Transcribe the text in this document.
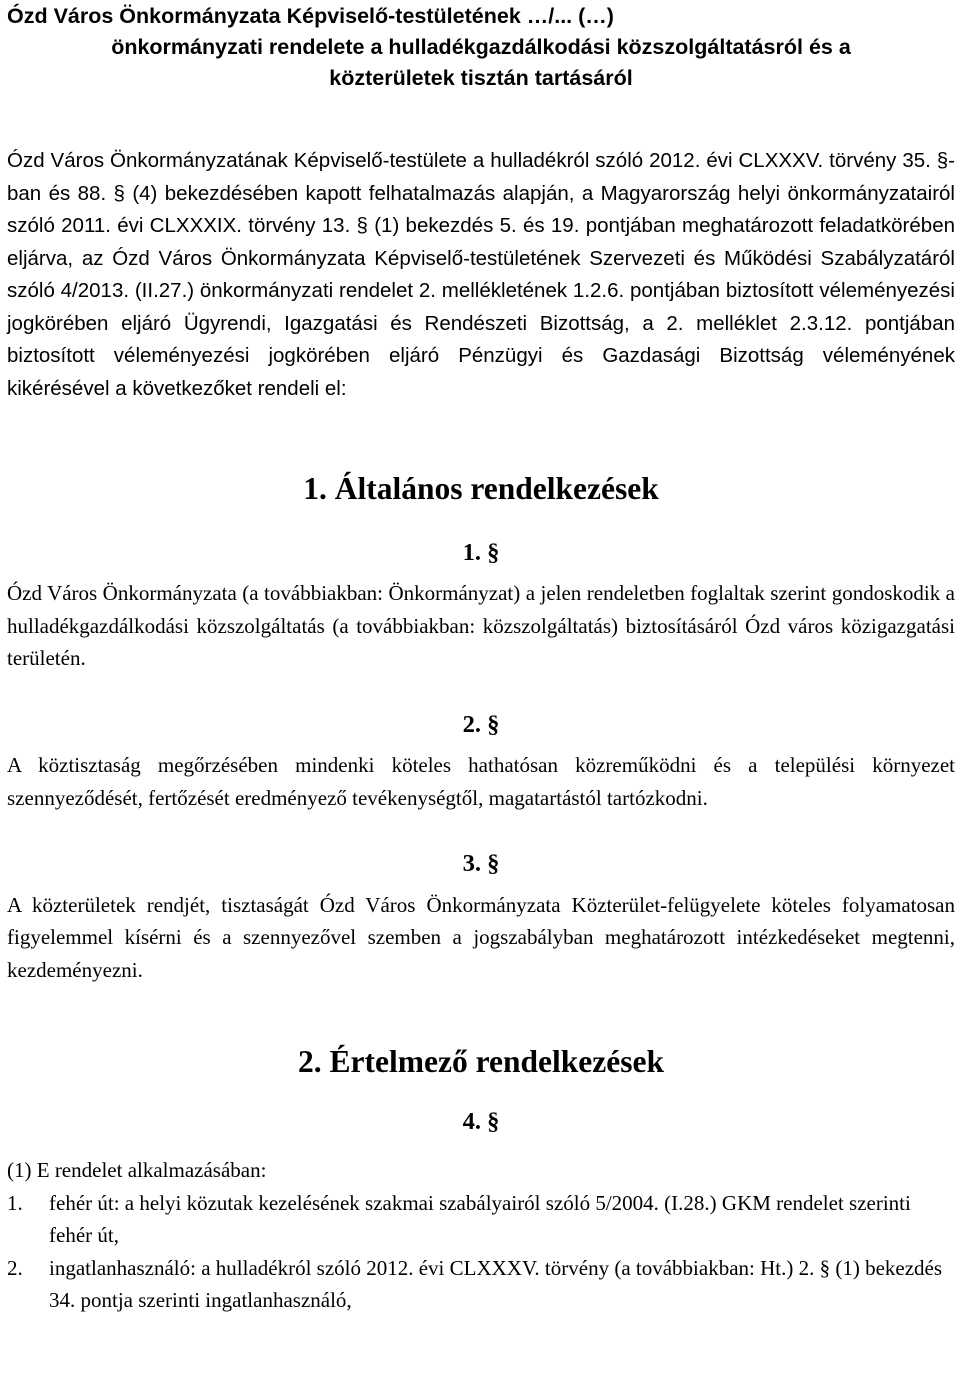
Ózd Város Önkormányzata Képviselő-testületének …/... (…)
önkormányzati rendelete a hulladékgazdálkodási közszolgáltatásról és a
közterületek tisztán tartásáról

Ózd Város Önkormányzatának Képviselő-testülete a hulladékról szóló 2012. évi CLXXXV. törvény 35. §-ban és 88. § (4) bekezdésében kapott felhatalmazás alapján, a Magyarország helyi önkormányzatairól szóló 2011. évi CLXXXIX. törvény 13. § (1) bekezdés 5. és 19. pontjában meghatározott feladatkörében eljárva, az Ózd Város Önkormányzata Képviselő-testületének Szervezeti és Működési Szabályzatáról szóló 4/2013. (II.27.) önkormányzati rendelet 2. mellékletének 1.2.6. pontjában biztosított véleményezési jogkörében eljáró Ügyrendi, Igazgatási és Rendészeti Bizottság, a 2. melléklet 2.3.12. pontjában biztosított véleményezési jogkörében eljáró Pénzügyi és Gazdasági Bizottság véleményének kikérésével a következőket rendeli el:

1. Általános rendelkezések
1. §

Ózd Város Önkormányzata (a továbbiakban: Önkormányzat) a jelen rendeletben foglaltak szerint gondoskodik a hulladékgazdálkodási közszolgáltatás (a továbbiakban: közszolgáltatás) biztosításáról Ózd város közigazgatási területén.

2. §

A köztisztaság megőrzésében mindenki köteles hathatósan közreműködni és a települési környezet szennyeződését, fertőzését eredményező tevékenységtől, magatartástól tartózkodni.

3. §

A közterületek rendjét, tisztaságát Ózd Város Önkormányzata Közterület-felügyelete köteles folyamatosan figyelemmel kísérni és a szennyezővel szemben a jogszabályban meghatározott intézkedéseket megtenni, kezdeményezni.

2. Értelmező rendelkezések
4. §

(1) E rendelet alkalmazásában:

1. fehér út: a helyi közutak kezelésének szakmai szabályairól szóló 5/2004. (I.28.) GKM rendelet szerinti fehér út,
2. ingatlanhasználó: a hulladékról szóló 2012. évi CLXXXV. törvény (a továbbiakban: Ht.) 2. § (1) bekezdés 34. pontja szerinti ingatlanhasználó,
